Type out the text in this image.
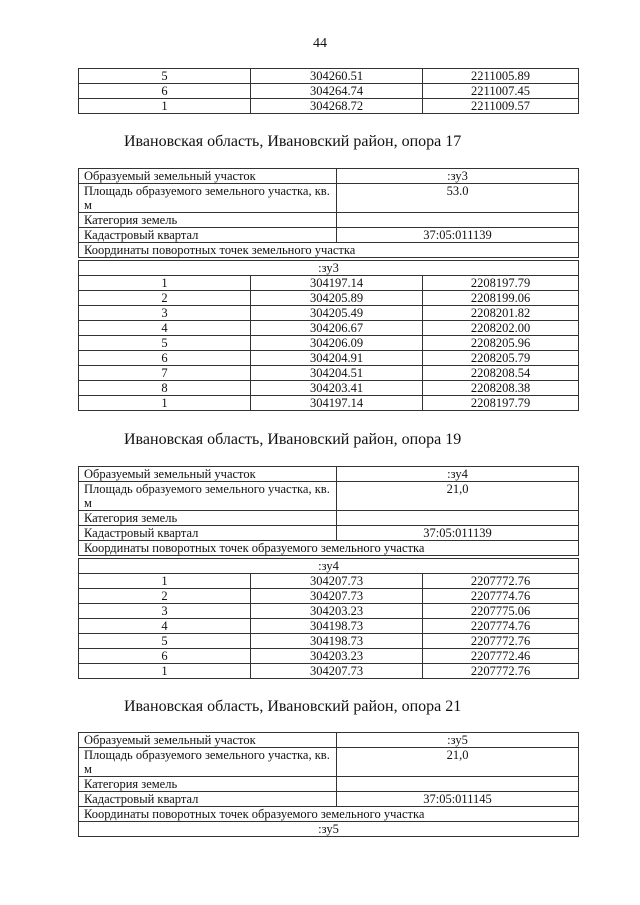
44
5	304260.51	2211005.89
6	304264.74	2211007.45
1	304268.72	2211009.57
Ивановская область, Ивановский район, опора 17
Образуемый земельный участок	:зу3
Площадь образуемого земельного участка, кв. м	53.0
Категория земель	
Кадастровый квартал	37:05:011139
Координаты поворотных точек земельного участка	
:зу3		
1	304197.14	2208197.79
2	304205.89	2208199.06
3	304205.49	2208201.82
4	304206.67	2208202.00
5	304206.09	2208205.96
6	304204.91	2208205.79
7	304204.51	2208208.54
8	304203.41	2208208.38
1	304197.14	2208197.79
Ивановская область, Ивановский район, опора 19
Образуемый земельный участок	:зу4
Площадь образуемого земельного участка, кв. м	21,0
Категория земель	
Кадастровый квартал	37:05:011139
Координаты поворотных точек образуемого земельного участка	
:зу4		
1	304207.73	2207772.76
2	304207.73	2207774.76
3	304203.23	2207775.06
4	304198.73	2207774.76
5	304198.73	2207772.76
6	304203.23	2207772.46
1	304207.73	2207772.76
Ивановская область, Ивановский район, опора 21
Образуемый земельный участок	:зу5
Площадь образуемого земельного участка, кв. м	21,0
Категория земель	
Кадастровый квартал	37:05:011145
Координаты поворотных точек образуемого земельного участка	
:зу5	
